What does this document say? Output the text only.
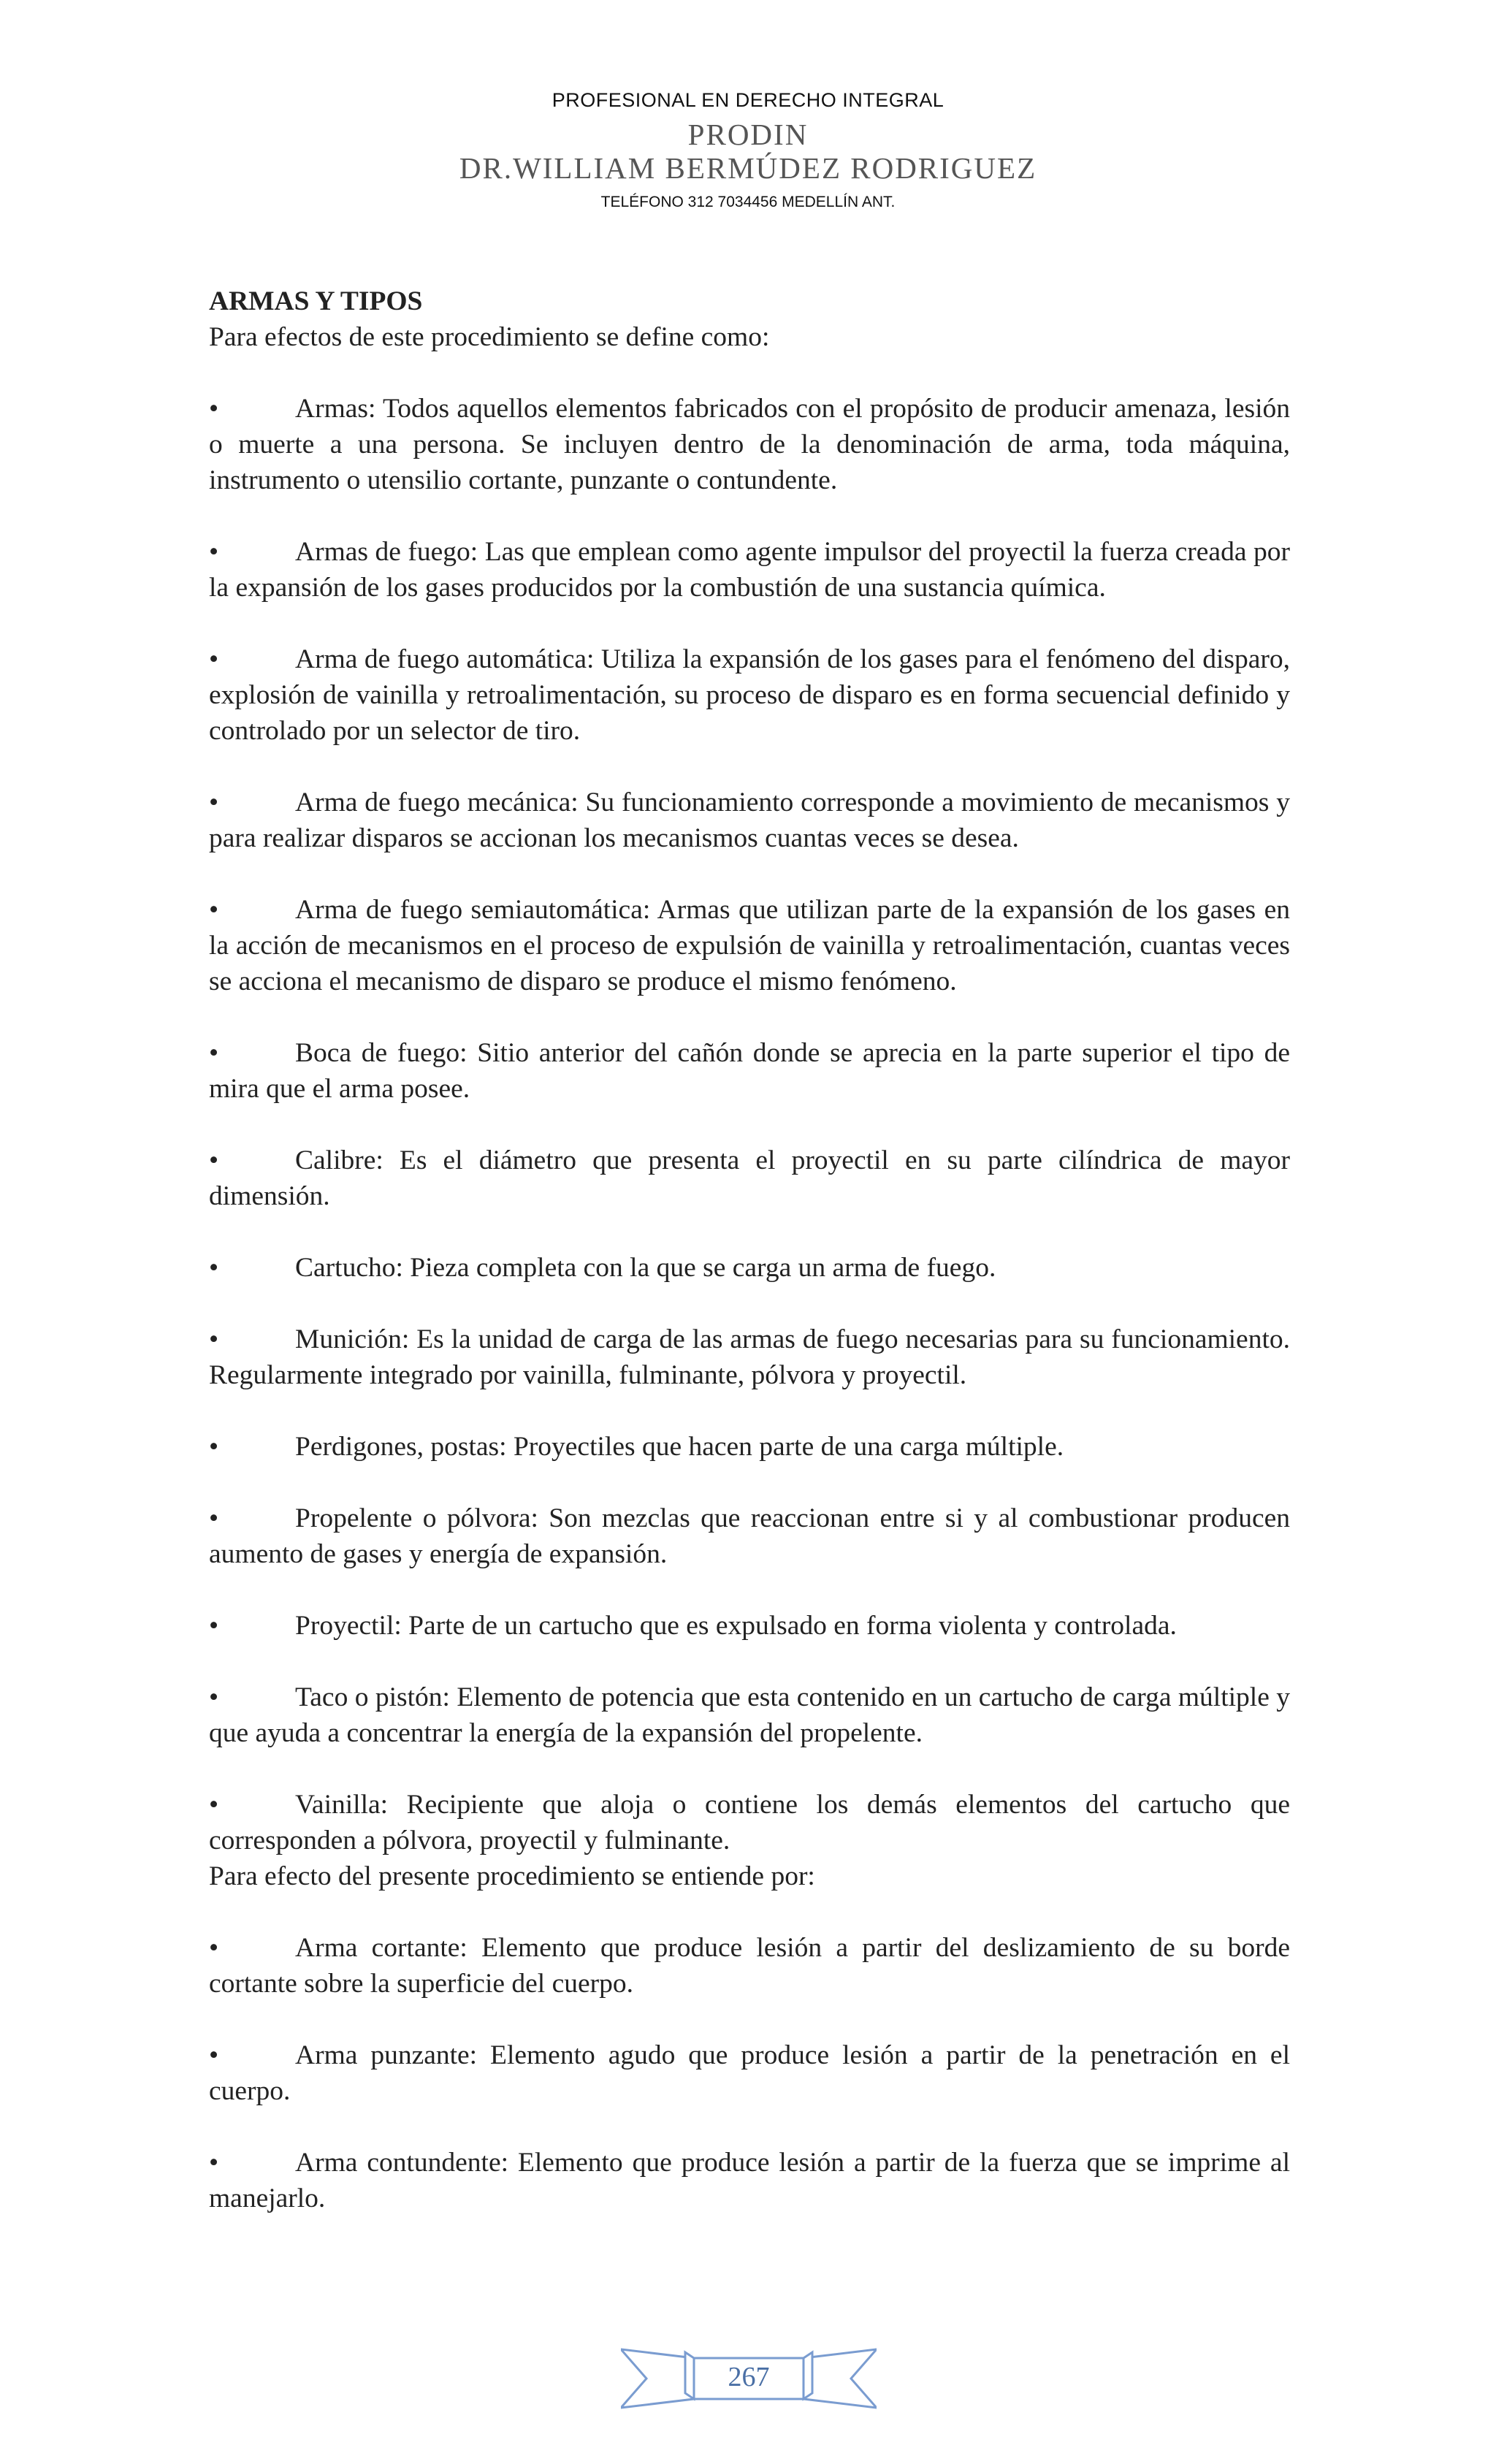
PROFESIONAL EN DERECHO INTEGRAL
PRODIN
DR.WILLIAM BERMÚDEZ RODRIGUEZ
TELÉFONO 312 7034456 MEDELLÍN ANT.

ARMAS Y TIPOS

Para efectos de este procedimiento se define como:

•	Armas: Todos aquellos elementos fabricados con el propósito de producir amenaza, lesión o muerte a una persona. Se incluyen dentro de la denominación de arma, toda máquina, instrumento o utensilio cortante, punzante o contundente.

•	Armas de fuego: Las que emplean como agente impulsor del proyectil la fuerza creada por la expansión de los gases producidos por la combustión de una sustancia química.

•	Arma de fuego automática: Utiliza la expansión de los gases para el fenómeno del disparo, explosión de vainilla y retroalimentación, su proceso de disparo es en forma secuencial definido y controlado por un selector de tiro.

•	Arma de fuego mecánica: Su funcionamiento corresponde a movimiento de mecanismos y para realizar disparos se accionan los mecanismos cuantas veces se desea.

•	Arma de fuego semiautomática: Armas que utilizan parte de la expansión de los gases en la acción de mecanismos en el proceso de expulsión de vainilla y retroalimentación, cuantas veces se acciona el mecanismo de disparo se produce el mismo fenómeno.

•	Boca de fuego: Sitio anterior del cañón donde se aprecia en la parte superior el tipo de mira que el arma posee.

•	Calibre: Es el diámetro que presenta el proyectil en su parte cilíndrica de mayor dimensión.

•	Cartucho: Pieza completa con la que se carga un arma de fuego.

•	Munición: Es la unidad de carga de las armas de fuego necesarias para su funcionamiento. Regularmente integrado por vainilla, fulminante, pólvora y proyectil.

•	Perdigones, postas: Proyectiles que hacen parte de una carga múltiple.

•	Propelente o pólvora: Son mezclas que reaccionan entre si y al combustionar producen aumento de gases y energía de expansión.

•	Proyectil: Parte de un cartucho que es expulsado en forma violenta y controlada.

•	Taco o pistón: Elemento de potencia que esta contenido en un cartucho de carga múltiple y que ayuda a concentrar la energía de la expansión del propelente.

•	Vainilla: Recipiente que aloja o contiene los demás elementos del cartucho que corresponden a pólvora, proyectil y fulminante.

Para efecto del presente procedimiento se entiende por:

•	Arma cortante: Elemento que produce lesión a partir del deslizamiento de su borde cortante sobre la superficie del cuerpo.

•	Arma punzante: Elemento agudo que produce lesión a partir de la penetración en el cuerpo.

•	Arma contundente: Elemento que produce lesión a partir de la fuerza que se imprime al manejarlo.

267
